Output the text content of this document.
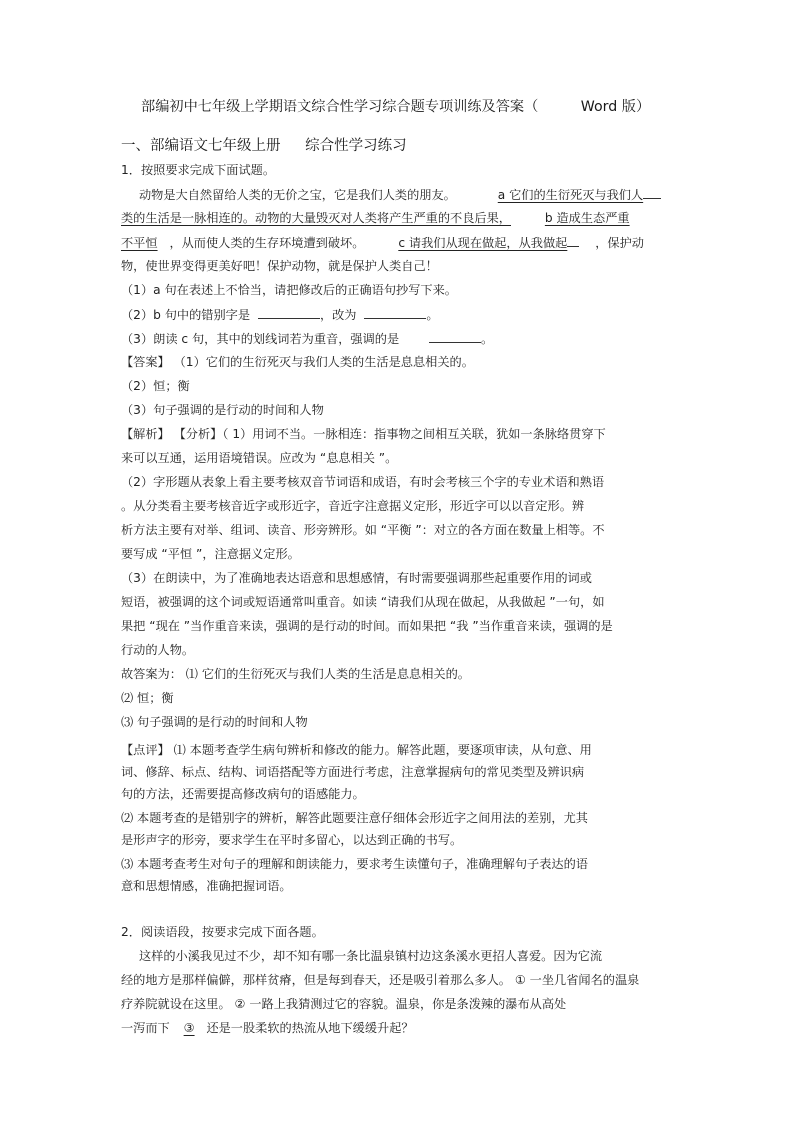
部编初中七年级上学期语文综合性学习综合题专项训练及答案（	Word 版）
一、部编语文七年级上册 综合性学习练习
1．按照要求完成下面试题。
动物是大自然留给人类的无价之宝，它是我们人类的朋友。	a 它们的生衍死灭与我们人
类的生活是一脉相连的。动物的大量毁灭对人类将产生严重的不良后果，	b 造成生态严重
不平恒 ，从而使人类的生存环境遭到破坏。	c 请我们从现在做起，从我做起 ，保护动
物，使世界变得更美好吧！保护动物，就是保护人类自己！
（1）a 句在表述上不恰当，请把修改后的正确语句抄写下来。
（2）b 句中的错别字是	，改为	。
（3）朗读 c 句，其中的划线词若为重音，强调的是	。
【答案】 （1）它们的生衍死灭与我们人类的生活是息息相关的。
（2）恒；衡
（3）句子强调的是行动的时间和人物
【解析】 【分析】（ 1）用词不当。一脉相连：指事物之间相互关联，犹如一条脉络贯穿下
来可以互通，运用语境错误。应改为 “息息相关 ”。
（2）字形题从表象上看主要考核双音节词语和成语，有时会考核三个字的专业术语和熟语
。从分类看主要考核音近字或形近字，音近字注意据义定形，形近字可以以音定形。辨
析方法主要有对举、组词、读音、形旁辨形。如 “平衡 ”：对立的各方面在数量上相等。不
要写成 “平恒 ”，注意据义定形。
（3）在朗读中，为了准确地表达语意和思想感情，有时需要强调那些起重要作用的词或
短语，被强调的这个词或短语通常叫重音。如读 “请我们从现在做起，从我做起 ”一句，如
果把 “现在 ”当作重音来读，强调的是行动的时间。而如果把 “我 ”当作重音来读，强调的是
行动的人物。
故答案为： ⑴ 它们的生衍死灭与我们人类的生活是息息相关的。
⑵ 恒；衡
⑶ 句子强调的是行动的时间和人物
【点评】 ⑴ 本题考查学生病句辨析和修改的能力。解答此题，要逐项审读，从句意、用
词、修辞、标点、结构、词语搭配等方面进行考虑，注意掌握病句的常见类型及辨识病
句的方法，还需要提高修改病句的语感能力。
⑵ 本题考查的是错别字的辨析，解答此题要注意仔细体会形近字之间用法的差别，尤其
是形声字的形旁，要求学生在平时多留心，以达到正确的书写。
⑶ 本题考查考生对句子的理解和朗读能力，要求考生读懂句子，准确理解句子表达的语
意和思想情感，准确把握词语。
2．阅读语段，按要求完成下面各题。
这样的小溪我见过不少，却不知有哪一条比温泉镇村边这条溪水更招人喜爱。因为它流
经的地方是那样偏僻，那样贫瘠，但是每到春天，还是吸引着那么多人。 ① 一坐几省闻名的温泉
疗养院就设在这里。 ② 一路上我猜测过它的容貌。温泉，你是条泼辣的瀑布从高处
一泻而下 ③ 还是一股柔软的热流从地下缓缓升起？
